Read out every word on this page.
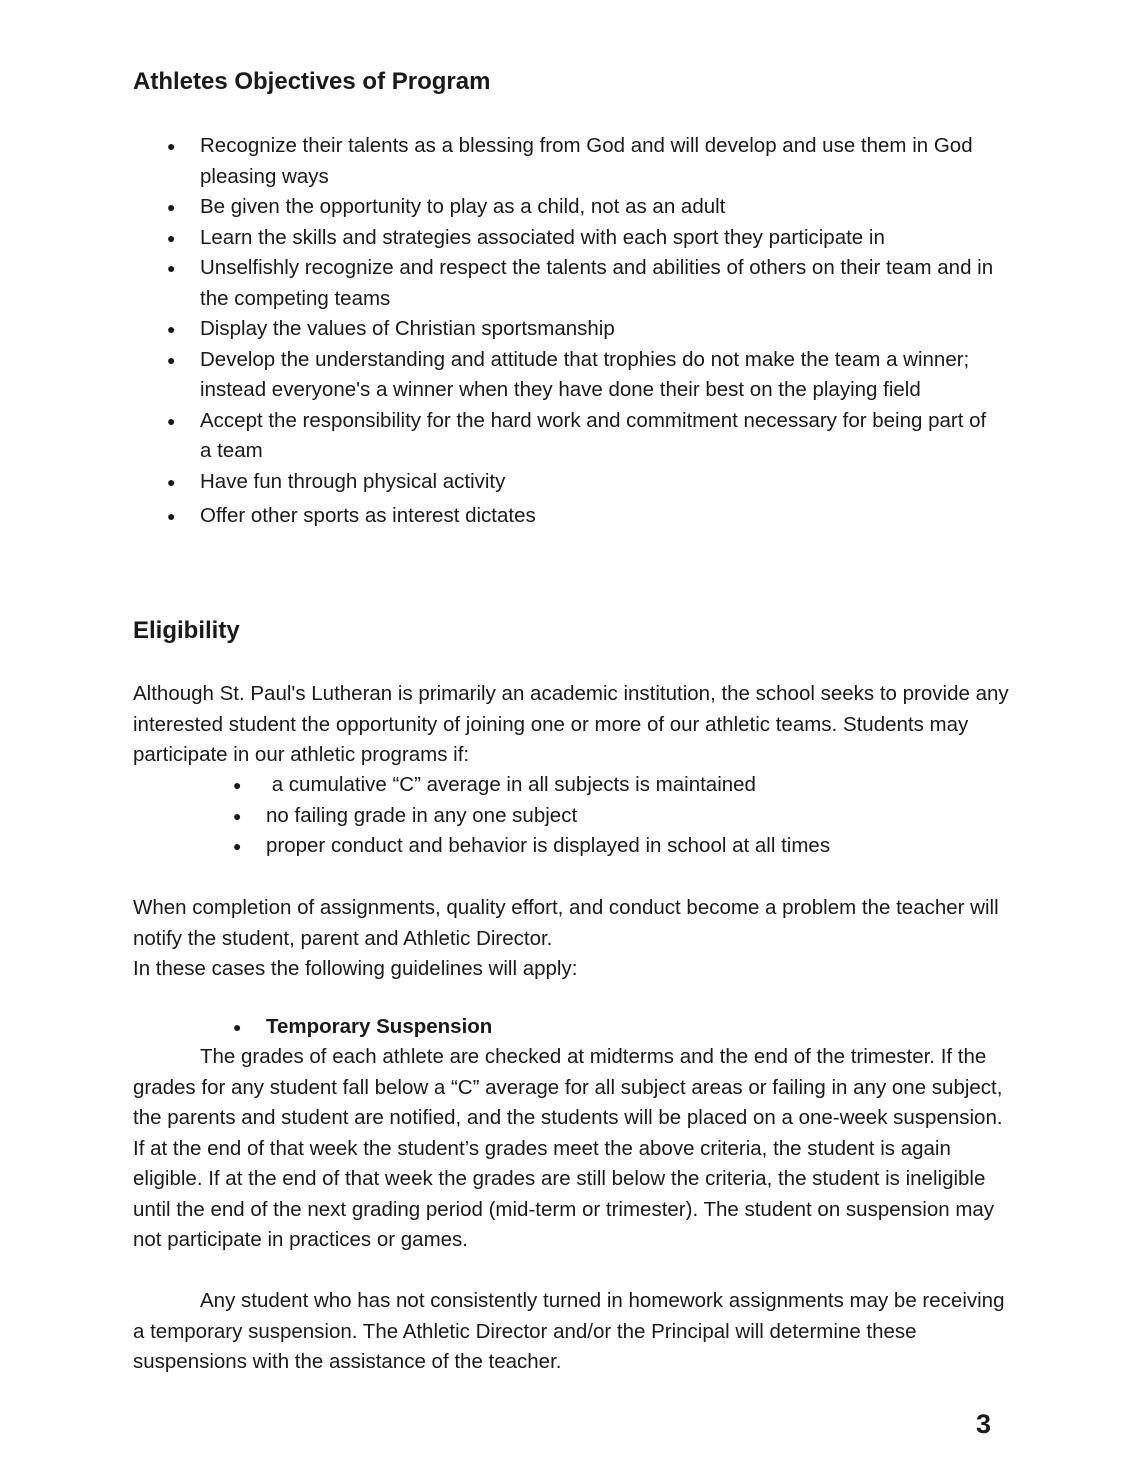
Athletes Objectives of Program
● Recognize their talents as a blessing from God and will develop and use them in God pleasing ways
● Be given the opportunity to play as a child, not as an adult
● Learn the skills and strategies associated with each sport they participate in
● Unselfishly recognize and respect the talents and abilities of others on their team and in the competing teams
● Display the values of Christian sportsmanship
● Develop the understanding and attitude that trophies do not make the team a winner; instead everyone's a winner when they have done their best on the playing field
● Accept the responsibility for the hard work and commitment necessary for being part of a team
● Have fun through physical activity
● Offer other sports as interest dictates
Eligibility

Although St. Paul's Lutheran is primarily an academic institution, the school seeks to provide any interested student the opportunity of joining one or more of our athletic teams. Students may participate in our athletic programs if:

● a cumulative “C” average in all subjects is maintained
● no failing grade in any one subject
● proper conduct and behavior is displayed in school at all times
When completion of assignments, quality effort, and conduct become a problem the teacher will notify the student, parent and Athletic Director.
In these cases the following guidelines will apply:
● Temporary Suspension

The grades of each athlete are checked at midterms and the end of the trimester. If the grades for any student fall below a “C” average for all subject areas or failing in any one subject, the parents and student are notified, and the students will be placed on a one-week suspension. If at the end of that week the student’s grades meet the above criteria, the student is again eligible. If at the end of that week the grades are still below the criteria, the student is ineligible until the end of the next grading period (mid-term or trimester). The student on suspension may not participate in practices or games.

Any student who has not consistently turned in homework assignments may be receiving a temporary suspension. The Athletic Director and/or the Principal will determine these suspensions with the assistance of the teacher.

3
